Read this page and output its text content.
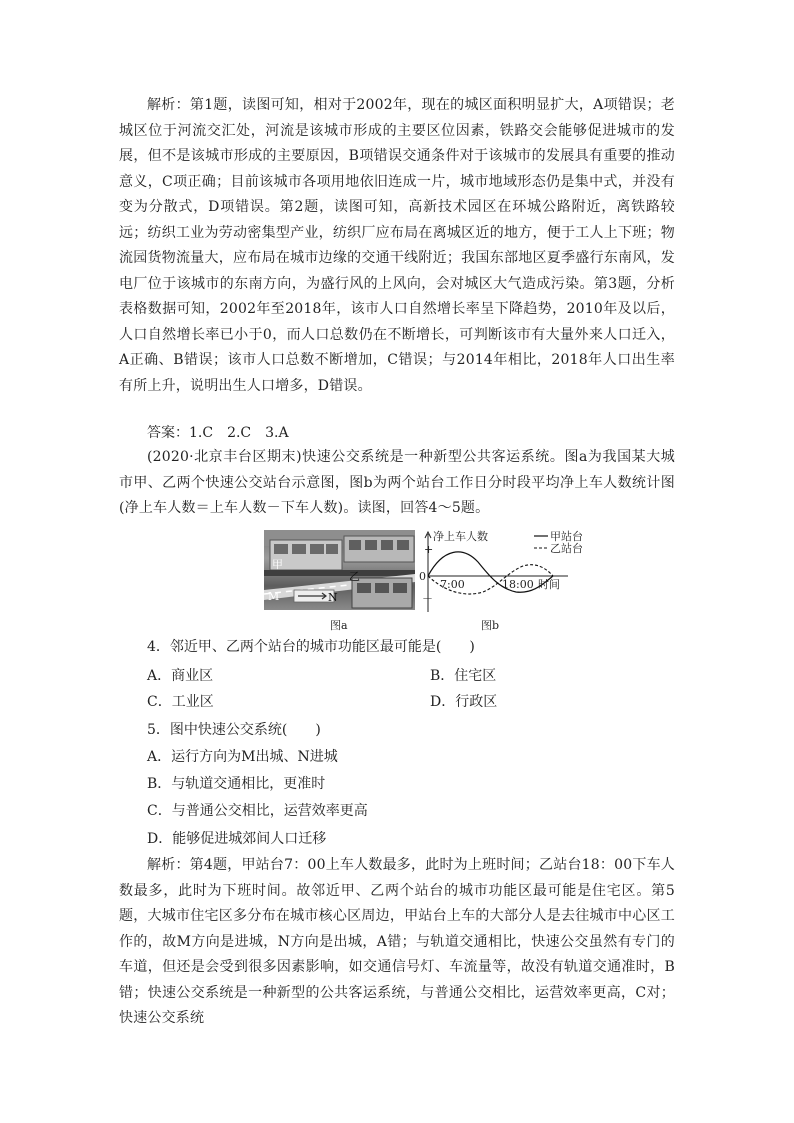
解析：第1题，读图可知，相对于2002年，现在的城区面积明显扩大，A项错误；老城区位于河流交汇处，河流是该城市形成的主要区位因素，铁路交会能够促进城市的发展，但不是该城市形成的主要原因，B项错误交通条件对于该城市的发展具有重要的推动意义，C项正确；目前该城市各项用地依旧连成一片，城市地域形态仍是集中式，并没有变为分散式，D项错误。第2题，读图可知，高新技术园区在环城公路附近，离铁路较远；纺织工业为劳动密集型产业，纺织厂应布局在离城区近的地方，便于工人上下班；物流园货物流量大，应布局在城市边缘的交通干线附近；我国东部地区夏季盛行东南风，发电厂位于该城市的东南方向，为盛行风的上风向，会对城区大气造成污染。第3题，分析表格数据可知，2002年至2018年，该市人口自然增长率呈下降趋势，2010年及以后，人口自然增长率已小于0，而人口总数仍在不断增长，可判断该市有大量外来人口迁入，A正确、B错误；该市人口总数不断增加，C错误；与2014年相比，2018年人口出生率有所上升，说明出生人口增多，D错误。

答案：1.C　2.C　3.A

(2020·北京丰台区期末)快速公交系统是一种新型公共客运系统。图a为我国某大城市甲、乙两个快速公交站台示意图，图b为两个站台工作日分时段平均净上车人数统计图(净上车人数＝上车人数－下车人数)。读图，回答4～5题。

甲
乙
M	N
图a
净上车人数
+
0
－
7:00	18:00 时间
甲站台
乙站台
图b
4．邻近甲、乙两个站台的城市功能区最可能是(　　)
A．商业区	B．住宅区
C．工业区	D．行政区
5．图中快速公交系统(　　)
A．运行方向为M出城、N进城
B．与轨道交通相比，更准时
C．与普通公交相比，运营效率更高
D．能够促进城郊间人口迁移

解析：第4题，甲站台7：00上车人数最多，此时为上班时间；乙站台18：00下车人数最多，此时为下班时间。故邻近甲、乙两个站台的城市功能区最可能是住宅区。第5题，大城市住宅区多分布在城市核心区周边，甲站台上车的大部分人是去往城市中心区工作的，故M方向是进城，N方向是出城，A错；与轨道交通相比，快速公交虽然有专门的车道，但还是会受到很多因素影响，如交通信号灯、车流量等，故没有轨道交通准时，B错；快速公交系统是一种新型的公共客运系统，与普通公交相比，运营效率更高，C对；快速公交系统
